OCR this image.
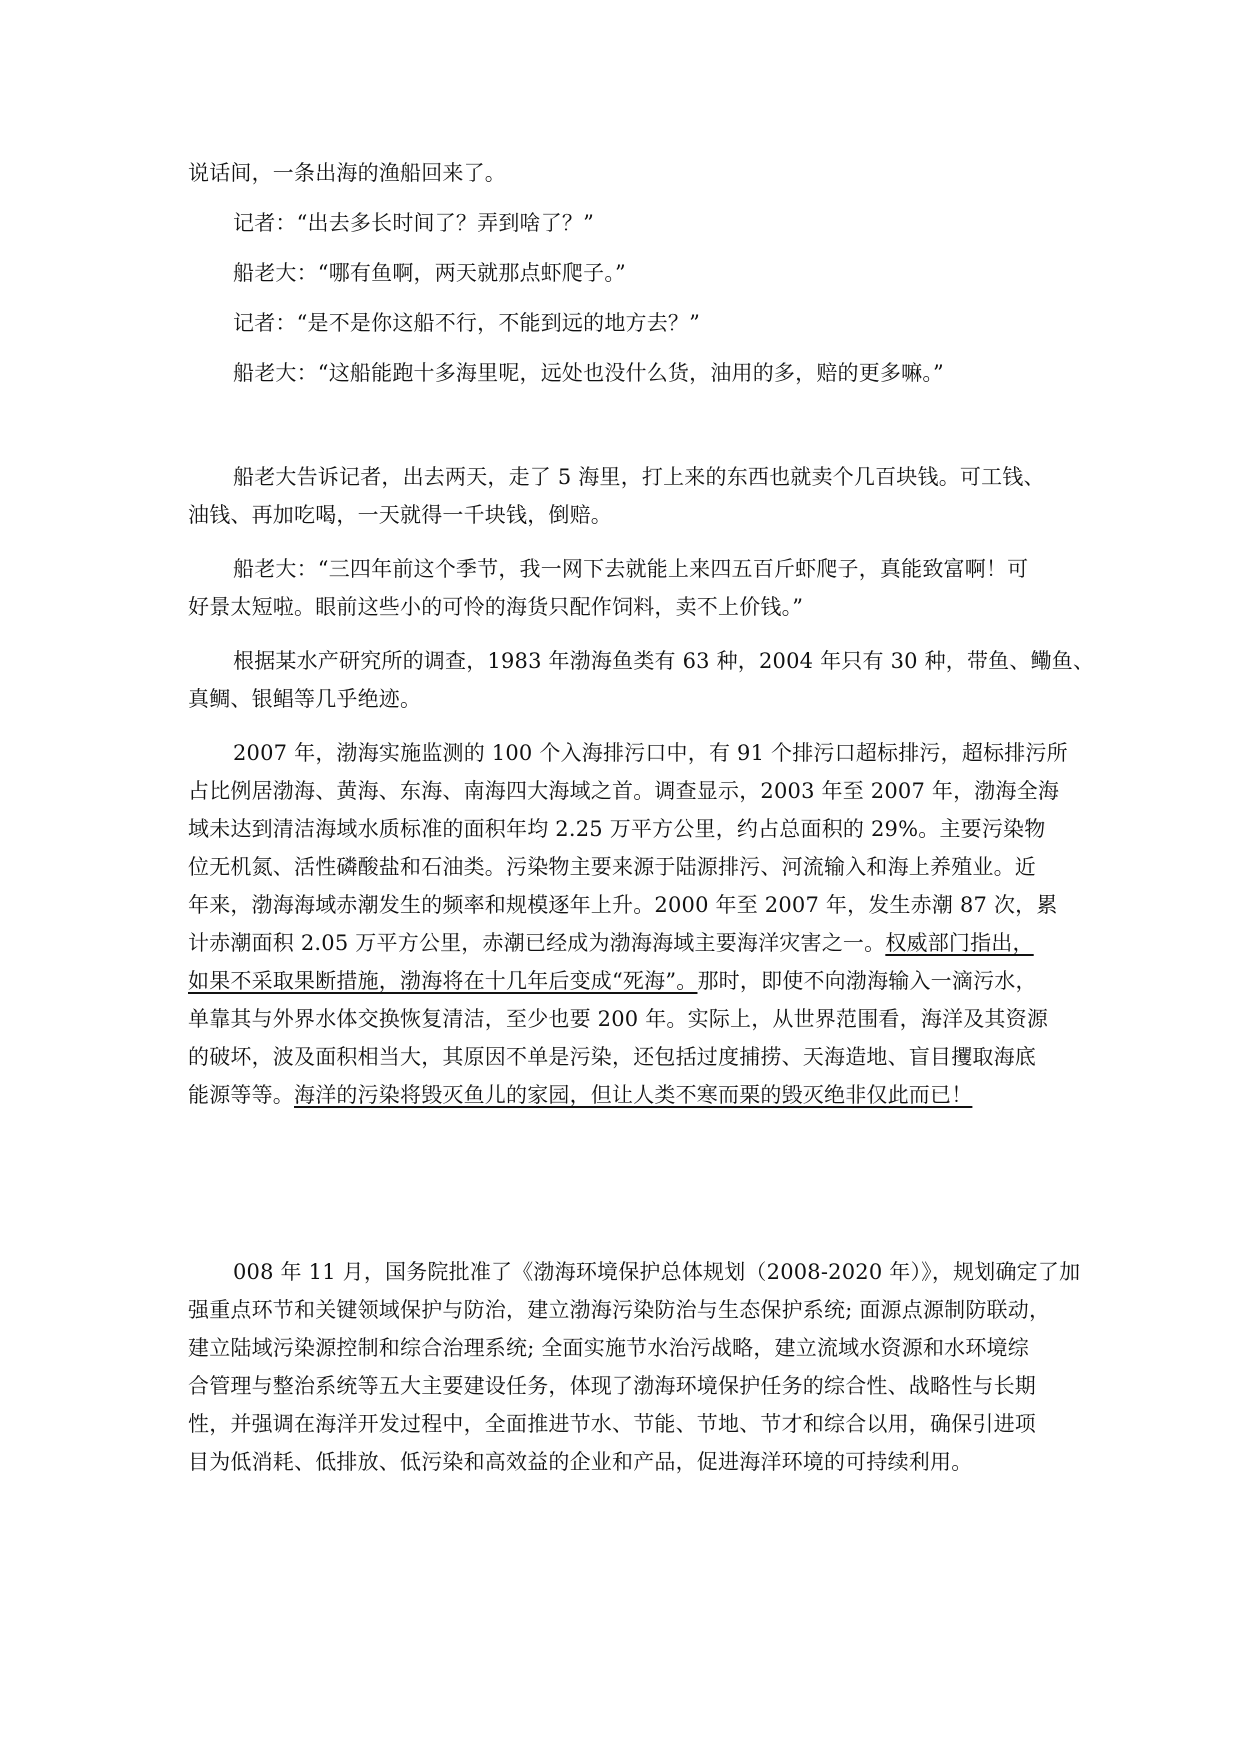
说话间，一条出海的渔船回来了。
记者：“出去多长时间了？弄到啥了？”
船老大：“哪有鱼啊，两天就那点虾爬子。”
记者：“是不是你这船不行，不能到远的地方去？”
船老大：“这船能跑十多海里呢，远处也没什么货，油用的多，赔的更多嘛。”
船老大告诉记者，出去两天，走了 5 海里，打上来的东西也就卖个几百块钱。可工钱、
油钱、再加吃喝，一天就得一千块钱，倒赔。
船老大：“三四年前这个季节，我一网下去就能上来四五百斤虾爬子，真能致富啊！可
好景太短啦。眼前这些小的可怜的海货只配作饲料，卖不上价钱。”
根据某水产研究所的调查，1983 年渤海鱼类有 63 种，2004 年只有 30 种，带鱼、鳓鱼、
真鲷、银鲳等几乎绝迹。
2007 年，渤海实施监测的 100 个入海排污口中，有 91 个排污口超标排污，超标排污所
占比例居渤海、黄海、东海、南海四大海域之首。调查显示，2003 年至 2007 年，渤海全海
域未达到清洁海域水质标准的面积年均 2.25 万平方公里，约占总面积的 29%。主要污染物
位无机氮、活性磷酸盐和石油类。污染物主要来源于陆源排污、河流输入和海上养殖业。近
年来，渤海海域赤潮发生的频率和规模逐年上升。2000 年至 2007 年，发生赤潮 87 次，累
计赤潮面积 2.05 万平方公里，赤潮已经成为渤海海域主要海洋灾害之一。权威部门指出，
如果不采取果断措施，渤海将在十几年后变成“死海”。那时，即使不向渤海输入一滴污水，
单靠其与外界水体交换恢复清洁，至少也要 200 年。实际上，从世界范围看，海洋及其资源
的破坏，波及面积相当大，其原因不单是污染，还包括过度捕捞、天海造地、盲目攫取海底
能源等等。海洋的污染将毁灭鱼儿的家园，但让人类不寒而栗的毁灭绝非仅此而已！
008 年 11 月，国务院批准了《渤海环境保护总体规划（2008-2020 年）》，规划确定了加
强重点环节和关键领域保护与防治，建立渤海污染防治与生态保护系统; 面源点源制防联动，
建立陆域污染源控制和综合治理系统; 全面实施节水治污战略，建立流域水资源和水环境综
合管理与整治系统等五大主要建设任务，体现了渤海环境保护任务的综合性、战略性与长期
性，并强调在海洋开发过程中，全面推进节水、节能、节地、节才和综合以用，确保引进项
目为低消耗、低排放、低污染和高效益的企业和产品，促进海洋环境的可持续利用。
